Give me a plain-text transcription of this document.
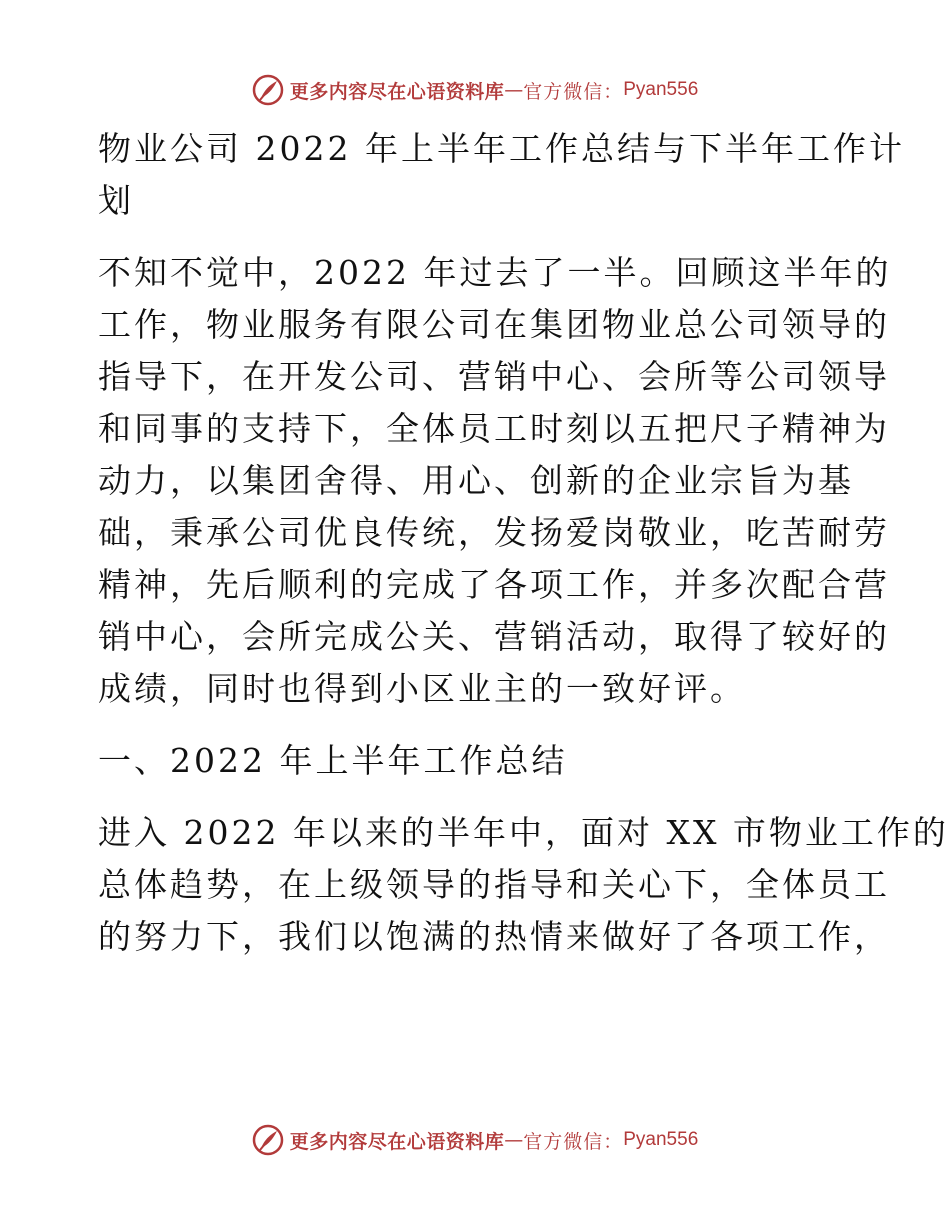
更多内容尽在心语资料库 — 官方微信： Pyan556
物业公司 2022 年上半年工作总结与下半年工作计
划
不知不觉中，2022 年过去了一半。回顾这半年的
工作，物业服务有限公司在集团物业总公司领导的
指导下，在开发公司、营销中心、会所等公司领导
和同事的支持下，全体员工时刻以五把尺子精神为
动力，以集团舍得、用心、创新的企业宗旨为基
础，秉承公司优良传统，发扬爱岗敬业，吃苦耐劳
精神，先后顺利的完成了各项工作，并多次配合营
销中心，会所完成公关、营销活动，取得了较好的
成绩，同时也得到小区业主的一致好评。
一、2022 年上半年工作总结
进入 2022 年以来的半年中，面对 XX 市物业工作的
总体趋势，在上级领导的指导和关心下，全体员工
的努力下，我们以饱满的热情来做好了各项工作，
更多内容尽在心语资料库 — 官方微信： Pyan556
